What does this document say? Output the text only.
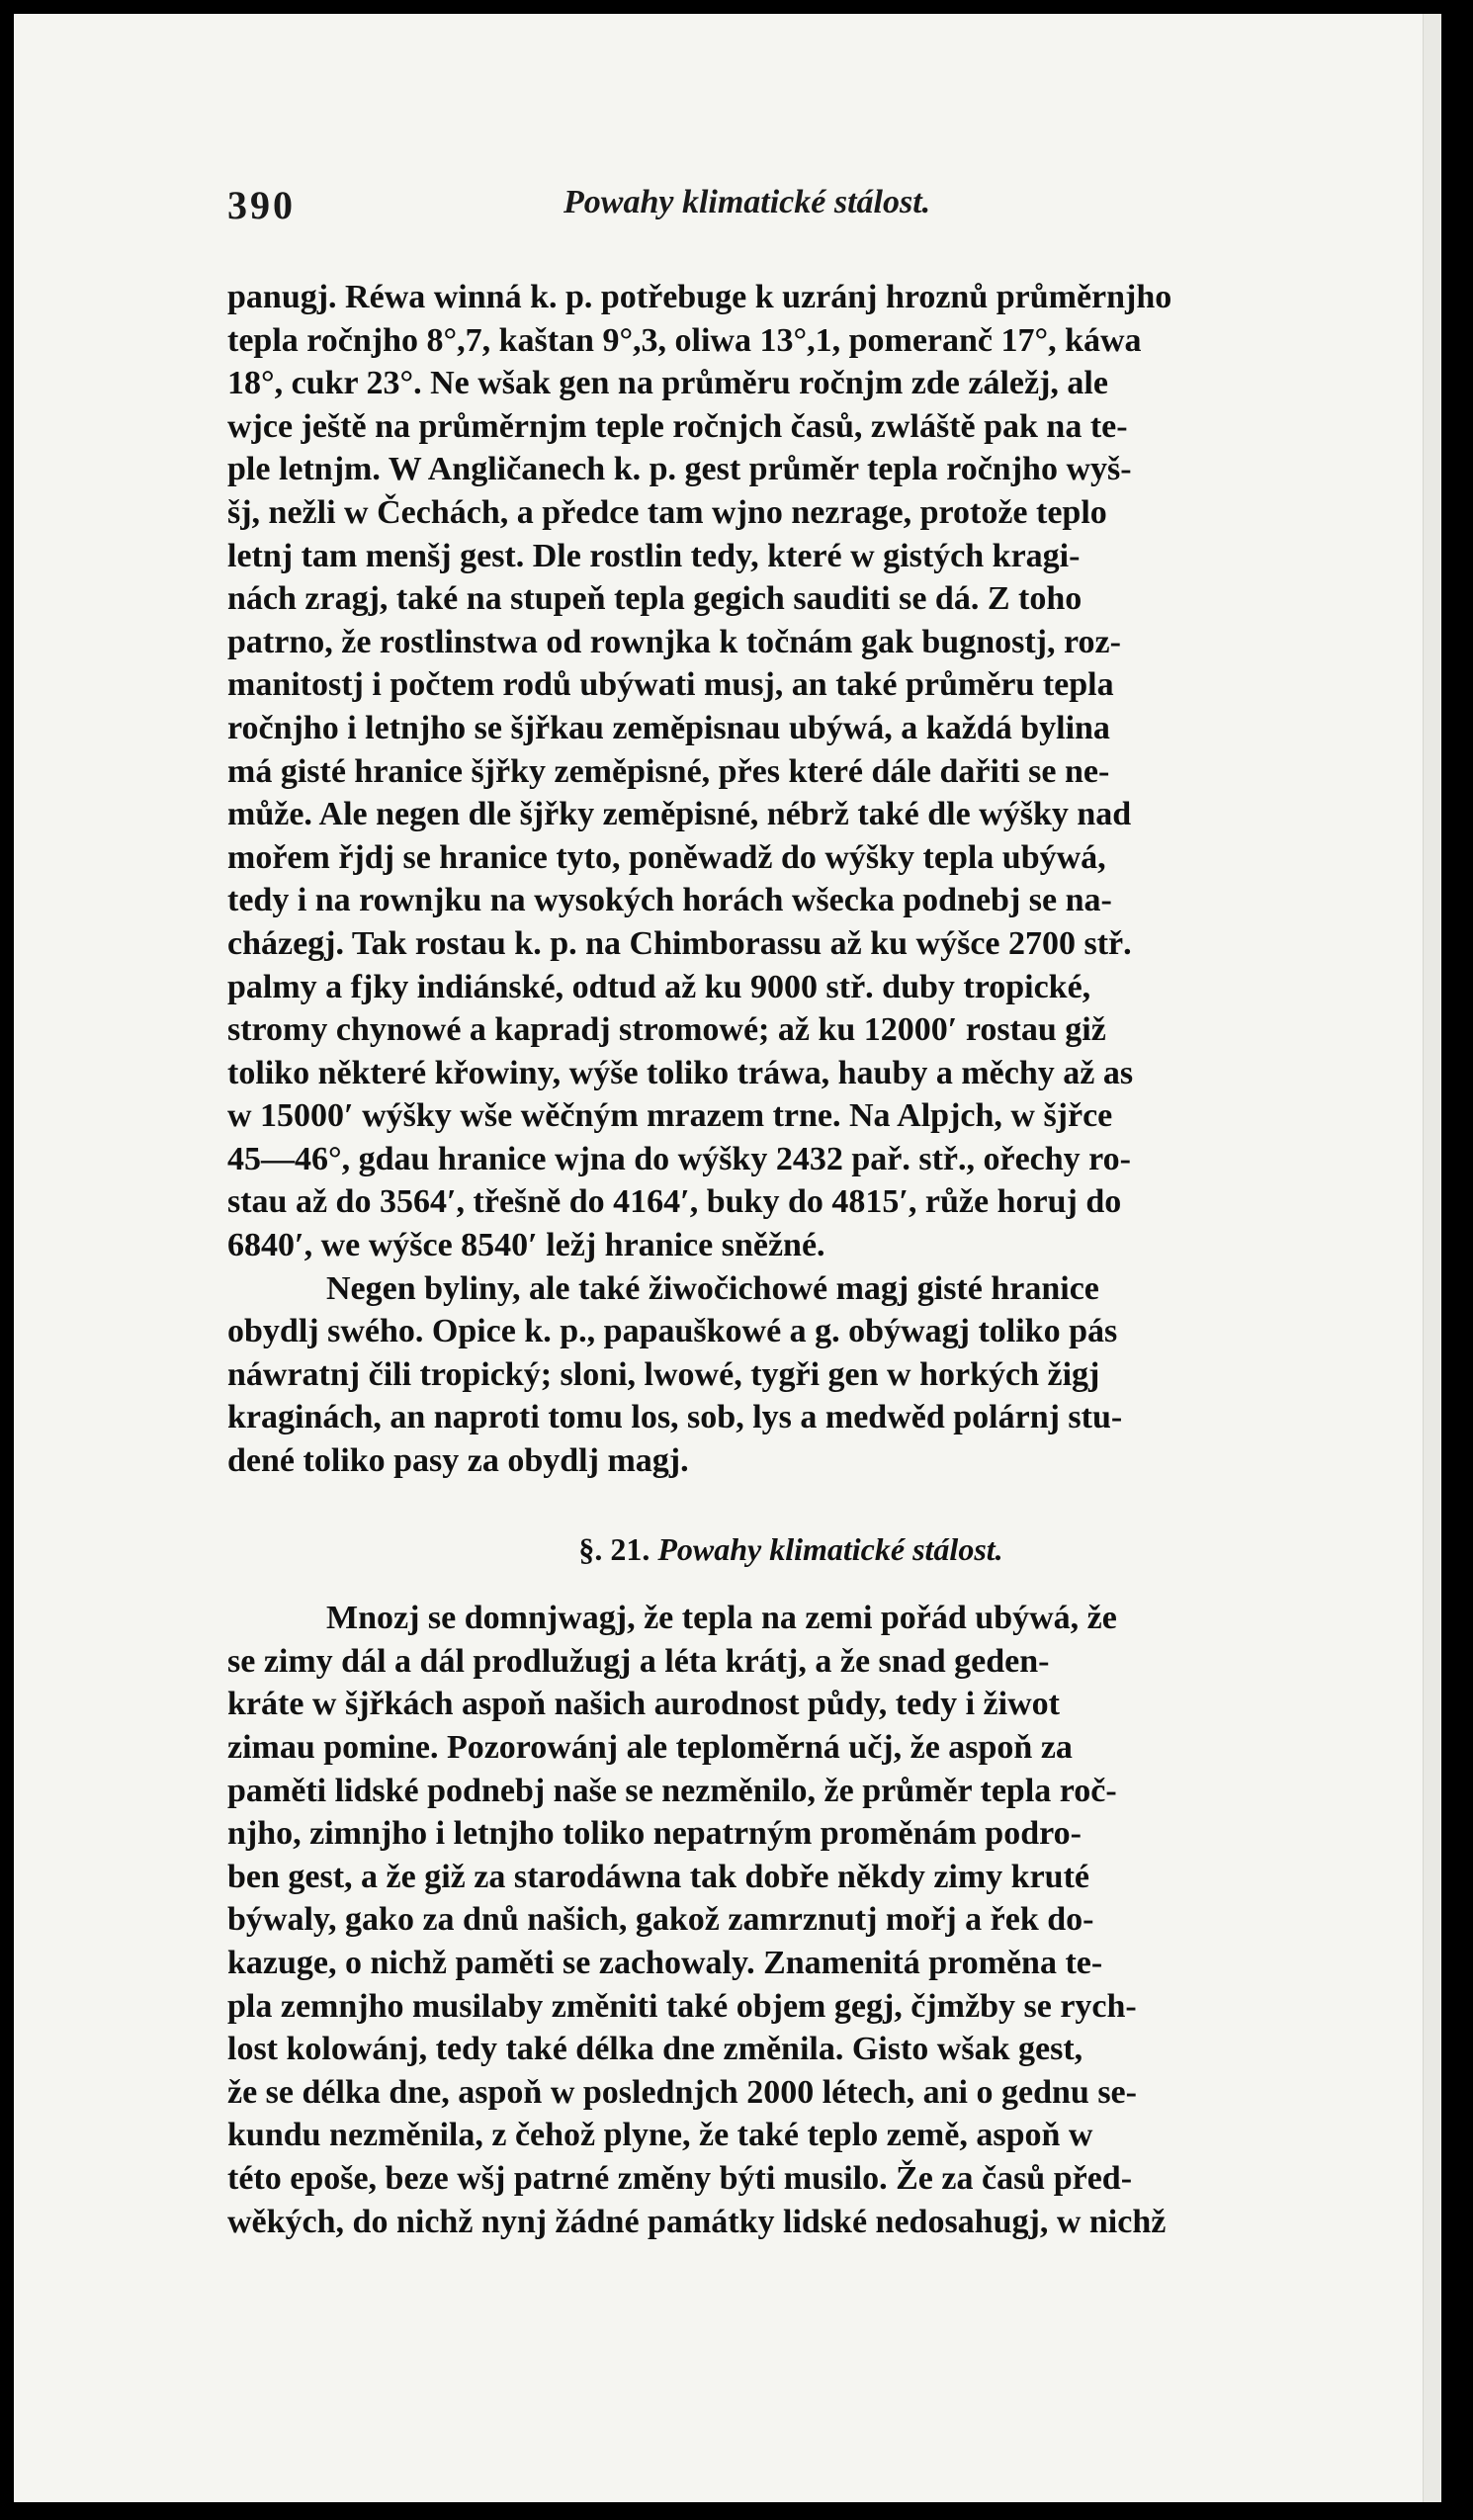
390	Powahy klimatické stálost.

panugj. Réwa winná k. p. potřebuge k uzránj hroznů průměrnjho
tepla ročnjho 8°,7, kaštan 9°,3, oliwa 13°,1, pomeranč 17°, káwa
18°, cukr 23°. Ne wšak gen na průměru ročnjm zde záležj, ale
wjce ještě na průměrnjm teple ročnjch časů, zwláště pak na te-
ple letnjm. W Angličanech k. p. gest průměr tepla ročnjho wyš-
šj, nežli w Čechách, a předce tam wjno nezrage, protože teplo
letnj tam menšj gest. Dle rostlin tedy, které w gistých kragi-
nách zragj, také na stupeň tepla gegich sauditi se dá. Z toho
patrno, že rostlinstwa od rownjka k točnám gak bugnostj, roz-
manitostj i počtem rodů ubýwati musj, an také průměru tepla
ročnjho i letnjho se šjřkau zeměpisnau ubýwá, a každá bylina
má gisté hranice šjřky zeměpisné, přes které dále dařiti se ne-
může. Ale negen dle šjřky zeměpisné, nébrž také dle wýšky nad
mořem řjdj se hranice tyto, poněwadž do wýšky tepla ubýwá,
tedy i na rownjku na wysokých horách wšecka podnebj se na-
cházegj. Tak rostau k. p. na Chimborassu až ku wýšce 2700 stř.
palmy a fjky indiánské, odtud až ku 9000 stř. duby tropické,
stromy chynowé a kapradj stromowé; až ku 12000′ rostau giž
toliko některé křowiny, wýše toliko tráwa, hauby a měchy až as
w 15000′ wýšky wše wěčným mrazem trne. Na Alpjch, w šjřce
45—46°, gdau hranice wjna do wýšky 2432 pař. stř., ořechy ro-
stau až do 3564′, třešně do 4164′, buky do 4815′, růže horuj do
6840′, we wýšce 8540′ ležj hranice sněžné.

Negen byliny, ale také žiwočichowé magj gisté hranice
obydlj swého. Opice k. p., papauškowé a g. obýwagj toliko pás
náwratnj čili tropický; sloni, lwowé, tygři gen w horkých žigj
kraginách, an naproti tomu los, sob, lys a medwěd polárnj stu-
dené toliko pasy za obydlj magj.

§. 21. Powahy klimatické stálost.

Mnozj se domnjwagj, že tepla na zemi pořád ubýwá, že
se zimy dál a dál prodlužugj a léta krátj, a že snad geden-
kráte w šjřkách aspoň našich aurodnost půdy, tedy i žiwot
zimau pomine. Pozorowánj ale teploměrná učj, že aspoň za
paměti lidské podnebj naše se nezměnilo, že průměr tepla roč-
njho, zimnjho i letnjho toliko nepatrným proměnám podro-
ben gest, a že giž za starodáwna tak dobře někdy zimy kruté
býwaly, gako za dnů našich, gakož zamrznutj mořj a řek do-
kazuge, o nichž paměti se zachowaly. Znamenitá proměna te-
pla zemnjho musilaby změniti také objem gegj, čjmžby se rych-
lost kolowánj, tedy také délka dne změnila. Gisto wšak gest,
že se délka dne, aspoň w poslednjch 2000 létech, ani o gednu se-
kundu nezměnila, z čehož plyne, že také teplo země, aspoň w
této epoše, beze wšj patrné změny býti musilo. Že za časů před-
wěkých, do nichž nynj žádné památky lidské nedosahugj, w nichž
